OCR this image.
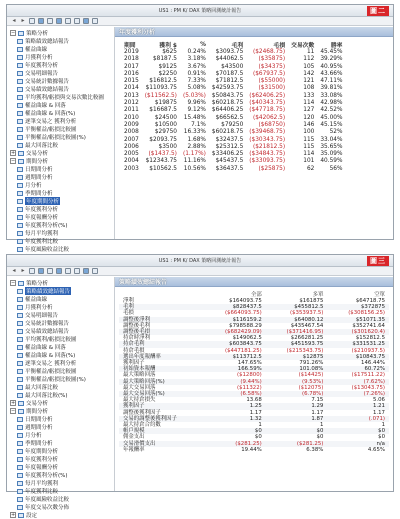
US1 : PM K/ DAX 策略回測統計報告	圖二
◂ ▸
− 策略分析
策略績效總結報告
權益曲線
月獲利分析
年度獲利分析
交易明細報告
交易統計數據報告
交易績效總結報告
平均獲利/虧損與交易次數比較圖
權益曲線 & 回落
權益曲線 & 回落(%)
逐筆交易之 獲利分析
平衡權益/虧損比較圖
平衡權益/虧損比較圖(%)
最大回落比較
+ 交易分析
− 期間分析
日期間分析
週期間分析
月分析
季期間分析
年度期間分析
年度獲利分析
年度報酬分析
年度獲利分析(%)
每月平均獲利
年度獲利比較
年度風險收益比較
年度獲利分析
期間	獲利 $	%	毛利	毛損	交易次數	勝率
2019	$625	0.24%	$3093.75	($2468.75)	11	45.45%
2018	$8187.5	3.18%	$44062.5	($35875)	112	39.29%
2017	$9125	3.67%	$43500	($34375)	105	40.95%
2016	$2250	0.91%	$70187.5	($67937.5)	142	43.66%
2015	$16812.5	7.33%	$71812.5	($55000)	121	47.11%
2014	$11093.75	5.08%	$42593.75	($31500)	108	39.81%
2013	($11562.5)	(5.03%)	$50843.75	($62406.25)	133	33.08%
2012	$19875	9.96%	$60218.75	($40343.75)	114	42.98%
2011	$16687.5	9.12%	$64406.25	($47718.75)	127	42.52%
2010	$24500	15.48%	$66562.5	($42062.5)	120	45.00%
2009	$10500	7.1%	$79250	($68750)	146	45.15%
2008	$29750	16.33%	$60218.75	($39468.75)	100	52%
2007	$2093.75	1.68%	$32437.5	($30343.75)	115	33.04%
2006	$3500	2.88%	$25312.5	($21812.5)	115	35.65%
2005	($1437.5)	(1.17%)	$33406.25	($34843.75)	114	35.09%
2004	$12343.75	11.16%	$45437.5	($33093.75)	101	40.59%
2003	$10562.5	10.56%	$36437.5	($25875)	62	56%
US1 : PM K/ DAX 策略回測統計報告	圖三
◂ ▸
− 策略分析
策略績效總結報告
權益曲線
月獲利分析
交易明細報告
交易統計數據報告
交易績效總結報告
平均獲利/虧損比較圖
權益曲線 & 回落
權益曲線 & 回落(%)
逐筆交易之 獲利分析
平衡權益/虧損比較圖
平衡權益/虧損比較圖(%)
最大回落比較
最大回落比較(%)
+ 交易分析
− 期間分析
日期間分析
週期間分析
月分析
季期間分析
年度期間分析
年度獲利分析
年度報酬分析
年度獲利分析(%)
每月平均獲利
年度獲利比較
年度風險收益比較
年度交易次數分佈
+ 設定
策略績效總結報告
	全部	多單	空單
淨利	$164093.75	$161875	$64718.75
毛利	$828437.5	$455812.5	$372875
毛損	($664093.75)	($353937.5)	($308156.25)
調整後淨利	$116159.2	$64080.12	$51071.35
調整後毛利	$798588.29	$435467.54	$352741.64
調整後毛損	($682429.09)	($371416.95)	($301620.4)
持倉時淨利	$149062.5	$266281.25	$152812.5
持倉毛利	$603843.75	$451593.75	$331531.25
持倉毛損	($447181.25)	($215343.75)	($210937.5)
選出年度報酬率	$113712.5	$12875	$10843.75
獲利因子	147.65%	791.26%	146.44%
初始資本報酬	166.59%	101.08%	60.72%
最大策略回落	($12800)	($14425)	($17511.22)
最大策略回落(%)	(9.44%)	(9.53%)	(7.62%)
最大交易回落	($11322)	($12075)	($13043.75)
最大交易回落(%)	(6.58%)	(6.78%)	(7.26%)
最大持倉損失	13.68	7.15	5.06
獲利因子	1.25	1.29	1.21
調整後獲利因子	1.17	1.17	1.17
交易的調整後獲利因子	1.32	1.87	(.071)
最大持倉合約數	1	1	1
帳戶規模	$0	$0	$0
佣金支出	$0	$0	$0
交易滑價支出	($281.25)	($281.25)	n/a
年報酬率	19.44%	6.38%	4.65%
